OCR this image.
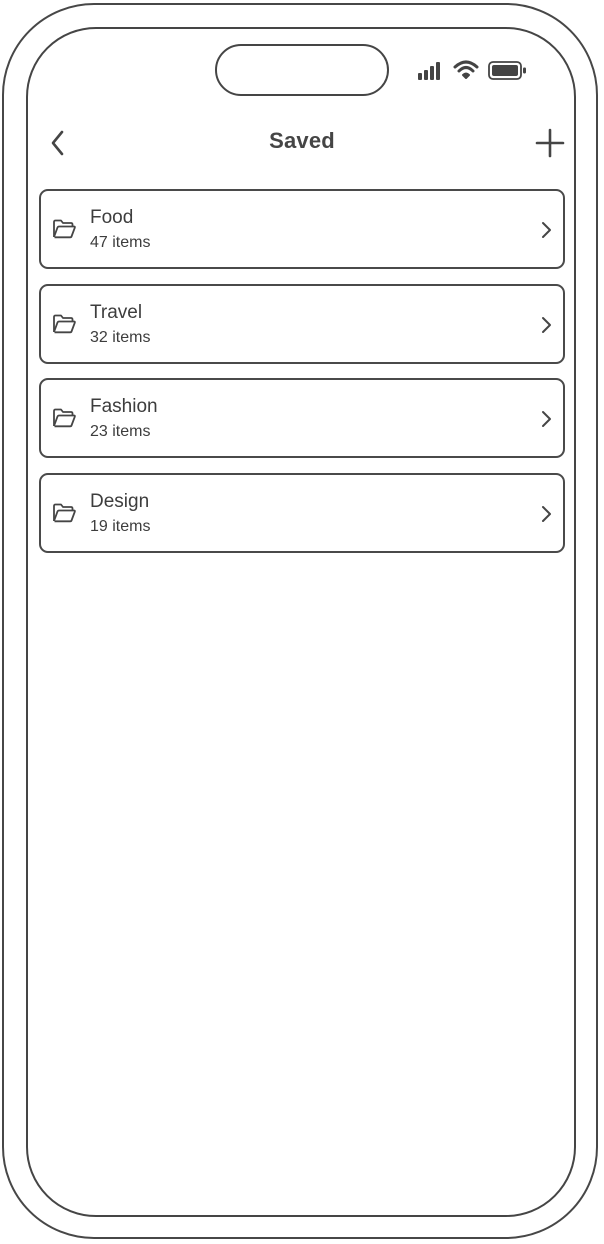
Saved
Food
47 items
Travel
32 items
Fashion
23 items
Design
19 items
